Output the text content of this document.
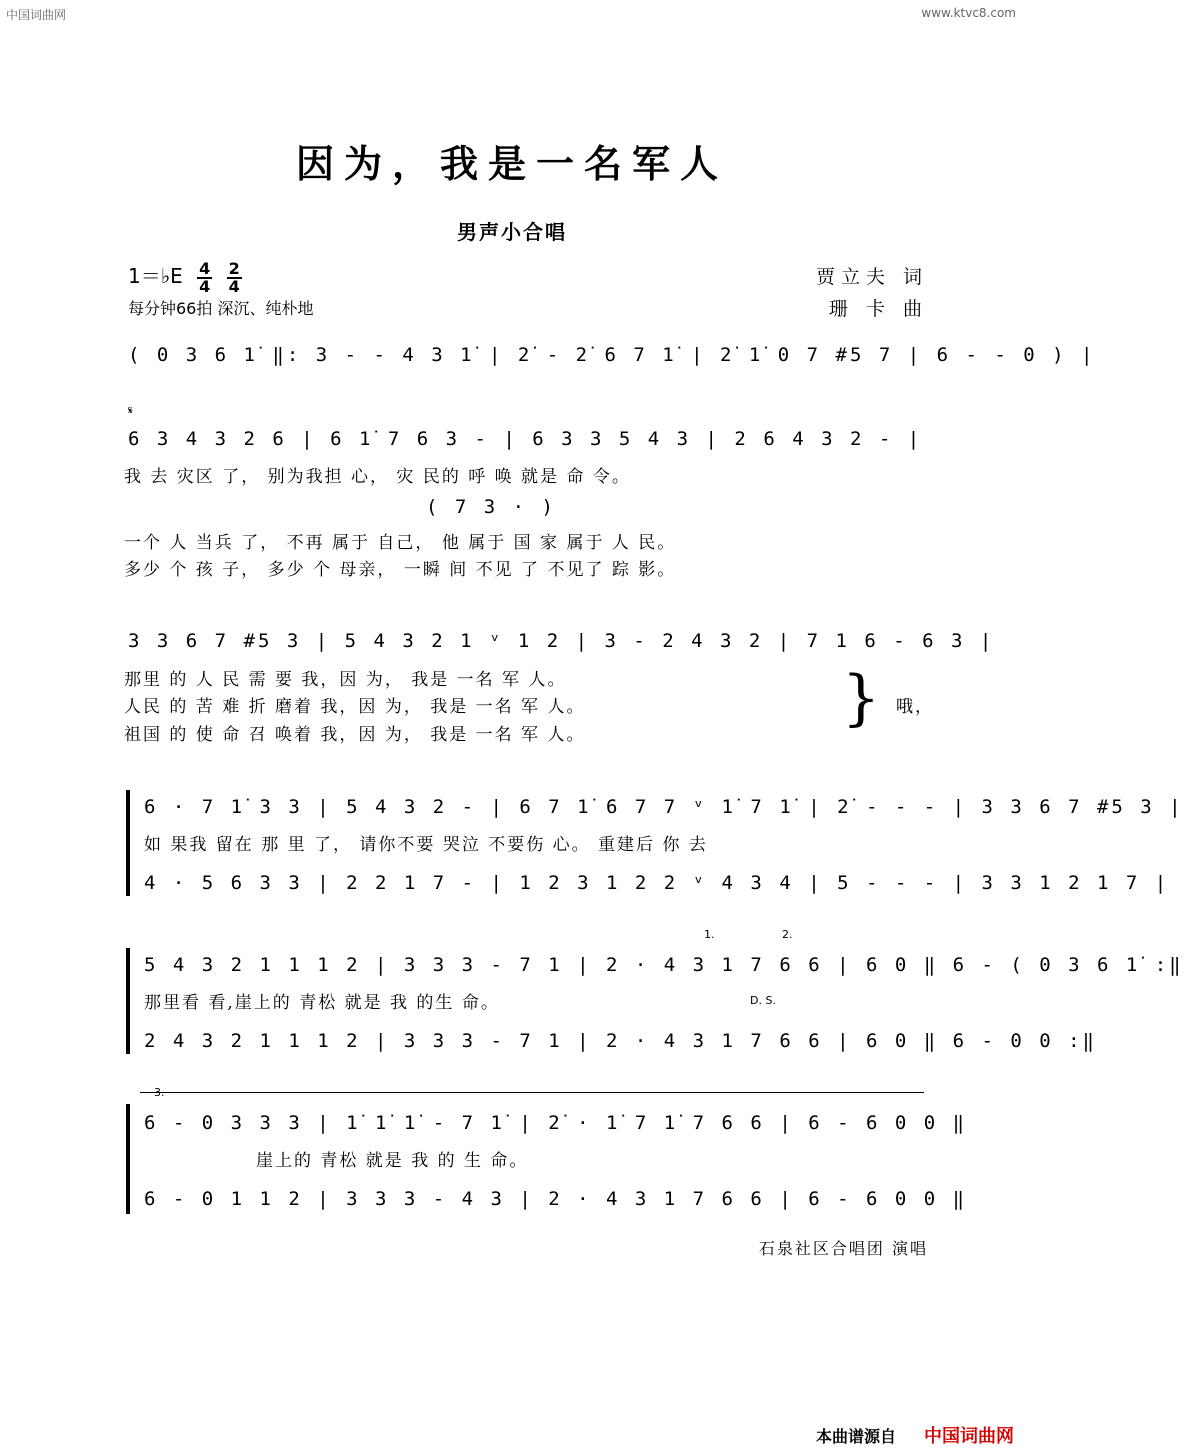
中国词曲网	www.ktvc8.com
因为，我是一名军人
男声小合唱
1＝♭E $\frac{4}{4}$
$\frac{2}{4}$
每分钟66拍 深沉、纯朴地
贾立夫 词
珊 卡 曲
( 0 3 6 1̇ ‖: 3 - - 4 3 1̇ | 2̇ - 2̇ 6 7 1̇ | 2̇ 1̇ 0 7 #5 7 | 6 - - 0 ) |
𝄋
6 3 4 3 2 6 | 6 1̇ 7 6 3 - | 6 3 3 5 4 3 | 2 6 4 3 2 - |
我 去 灾区 了， 别为我担 心， 灾 民的 呼 唤 就是 命 令。
( 7 3 · )
一个 人 当兵 了， 不再 属于 自己， 他 属于 国 家 属于 人 民。
多少 个 孩 子， 多少 个 母亲， 一瞬 间 不见 了 不见了 踪 影。
3 3 6 7 #5 3 | 5 4 3 2 1 ᵛ 1 2 | 3 - 2 4 3 2 | 7 1 6 - 6 3 |
那里 的 人 民 需 要 我，因 为， 我是 一名 军 人。
人民 的 苦 难 折 磨着 我，因 为， 我是 一名 军 人。
祖国 的 使 命 召 唤着 我，因 为， 我是 一名 军 人。
哦，
}
6 · 7 1̇ 3 3 | 5 4 3 2 - | 6 7 1̇ 6 7 7 ᵛ 1̇ 7 1̇ | 2̇ - - - | 3 3 6 7 #5 3 |
如 果我 留在 那 里 了， 请你不要 哭泣 不要伤 心。 重建后 你 去
4 · 5 6 3 3 | 2 2 1 7 - | 1 2 3 1 2 2 ᵛ 4 3 4 | 5 - - - | 3 3 1 2 1 7 |
1.	2.
5 4 3 2 1 1 1 2 | 3 3 3 - 7 1 | 2 · 4 3 1 7 6 6 | 6 0 ‖ 6 - ( 0 3 6 1̇ :‖
那里看 看,崖上的 青松 就是 我 的生 命。	D. S.
2 4 3 2 1 1 1 2 | 3 3 3 - 7 1 | 2 · 4 3 1 7 6 6 | 6 0 ‖ 6 - 0 0 :‖
3.
6 - 0 3 3 3 | 1̇ 1̇ 1̇ - 7 1̇ | 2̇ · 1̇ 7 1̇ 7 6 6 | 6 - 6 0 0 ‖
崖上的 青松 就是 我 的 生 命。
6 - 0 1 1 2 | 3 3 3 - 4 3 | 2 · 4 3 1 7 6 6 | 6 - 6 0 0 ‖
石泉社区合唱团 演唱
本曲谱源自 中国词曲网
